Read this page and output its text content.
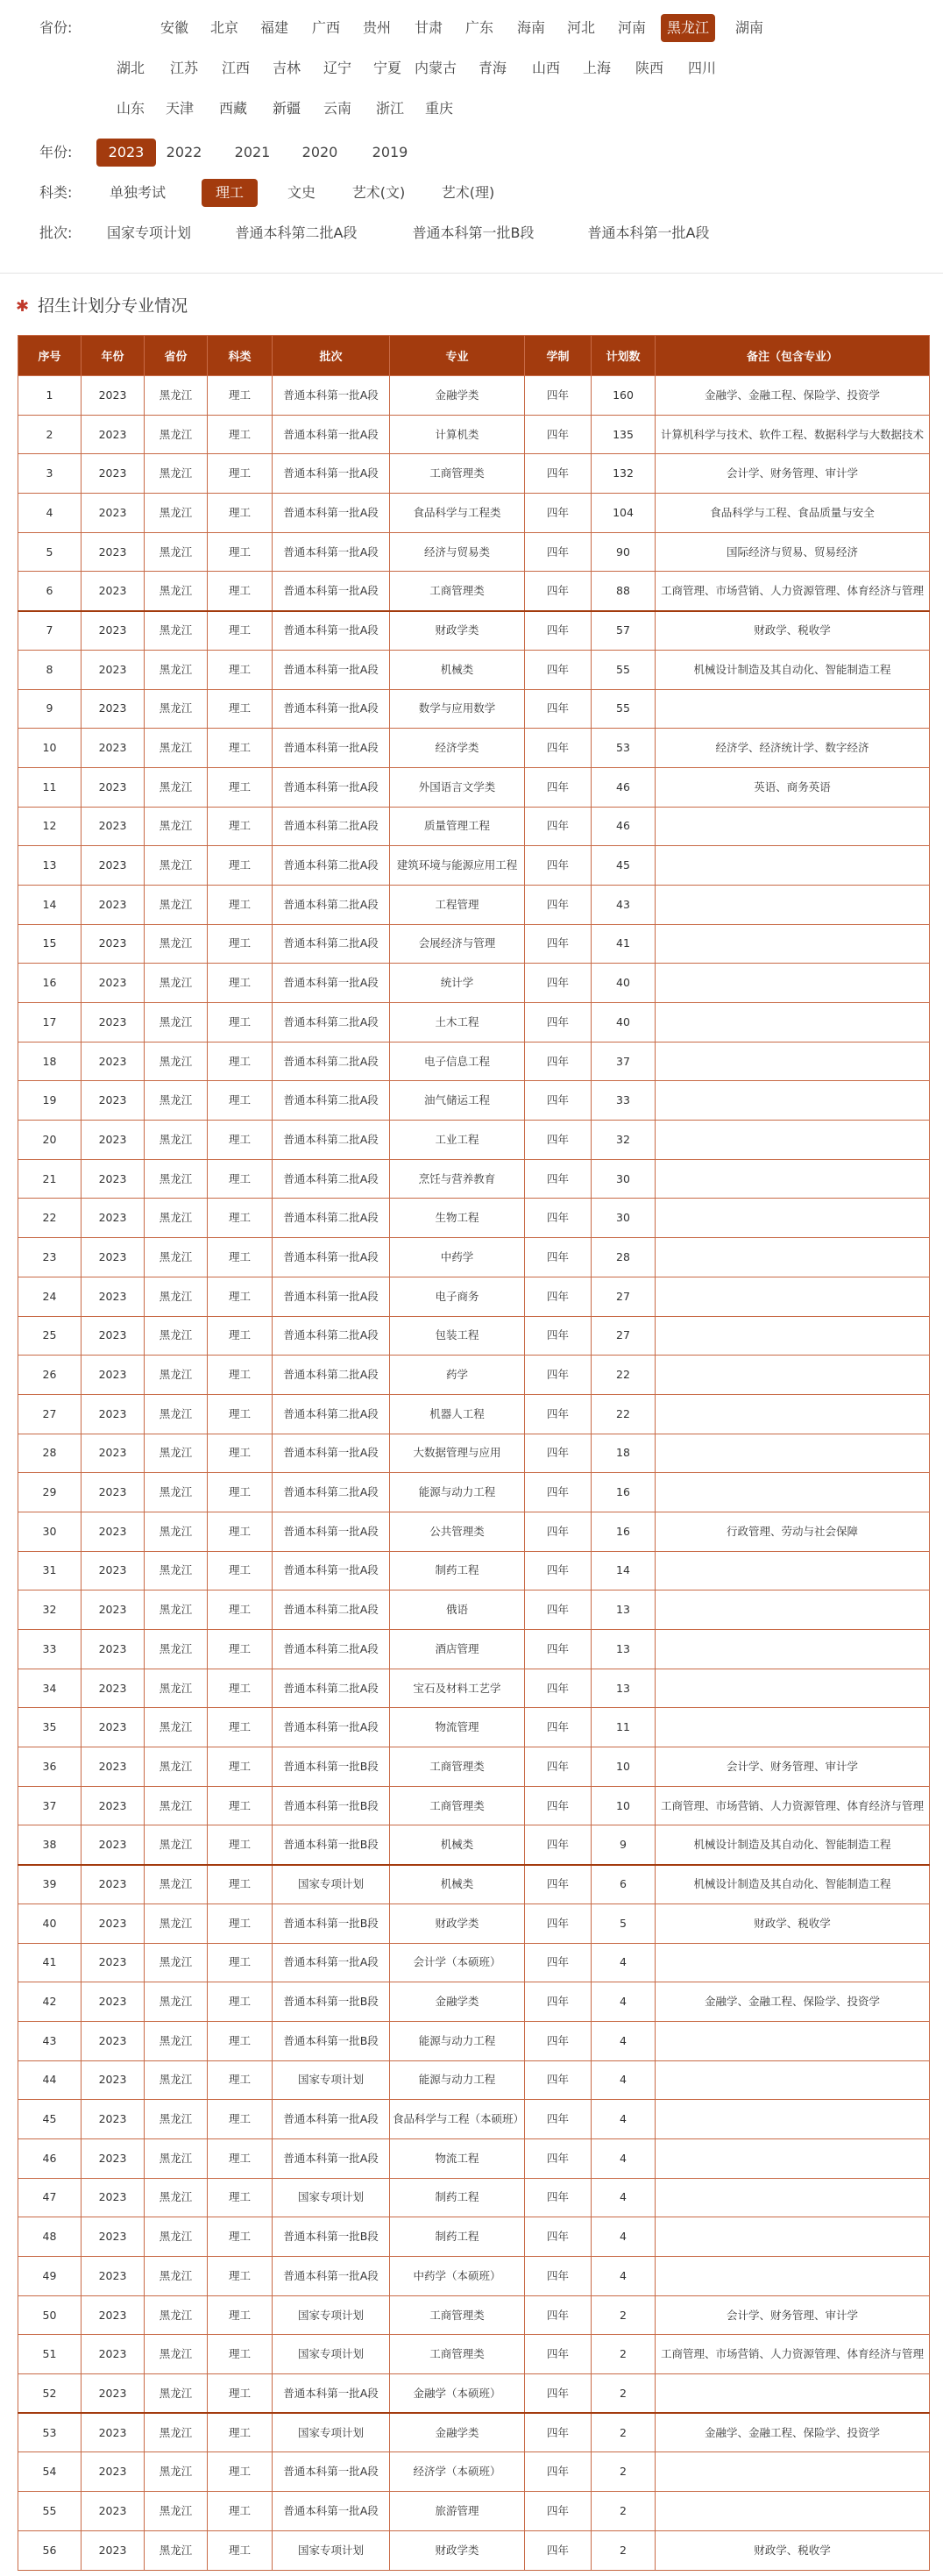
省份:	安徽	北京	福建	广西	贵州	甘肃	广东	海南	河北	河南	黑龙江	湖南
湖北	江苏	江西	吉林	辽宁	宁夏 内蒙古	青海	山西	上海	陕西	四川
山东	天津	西藏	新疆	云南	浙江	重庆
年份:	2023	2022	2021	2020	2019
科类:	单独考试	理工	文史	艺术(文)	艺术(理)
批次:	国家专项计划	普通本科第二批A段	普通本科第一批B段	普通本科第一批A段
✱ 招生计划分专业情况
序号	年份	省份	科类	批次	专业	学制	计划数	备注（包含专业）
1	2023	黑龙江	理工	普通本科第一批A段	金融学类	四年	160	金融学、金融工程、保险学、投资学
2	2023	黑龙江	理工	普通本科第一批A段	计算机类	四年	135	计算机科学与技术、软件工程、数据科学与大数据技术
3	2023	黑龙江	理工	普通本科第一批A段	工商管理类	四年	132	会计学、财务管理、审计学
4	2023	黑龙江	理工	普通本科第一批A段	食品科学与工程类	四年	104	食品科学与工程、食品质量与安全
5	2023	黑龙江	理工	普通本科第一批A段	经济与贸易类	四年	90	国际经济与贸易、贸易经济
6	2023	黑龙江	理工	普通本科第一批A段	工商管理类	四年	88	工商管理、市场营销、人力资源管理、体育经济与管理
7	2023	黑龙江	理工	普通本科第一批A段	财政学类	四年	57	财政学、税收学
8	2023	黑龙江	理工	普通本科第一批A段	机械类	四年	55	机械设计制造及其自动化、智能制造工程
9	2023	黑龙江	理工	普通本科第一批A段	数学与应用数学	四年	55	
10	2023	黑龙江	理工	普通本科第一批A段	经济学类	四年	53	经济学、经济统计学、数字经济
11	2023	黑龙江	理工	普通本科第一批A段	外国语言文学类	四年	46	英语、商务英语
12	2023	黑龙江	理工	普通本科第二批A段	质量管理工程	四年	46	
13	2023	黑龙江	理工	普通本科第二批A段	建筑环境与能源应用工程	四年	45	
14	2023	黑龙江	理工	普通本科第二批A段	工程管理	四年	43	
15	2023	黑龙江	理工	普通本科第二批A段	会展经济与管理	四年	41	
16	2023	黑龙江	理工	普通本科第一批A段	统计学	四年	40	
17	2023	黑龙江	理工	普通本科第二批A段	土木工程	四年	40	
18	2023	黑龙江	理工	普通本科第二批A段	电子信息工程	四年	37	
19	2023	黑龙江	理工	普通本科第二批A段	油气储运工程	四年	33	
20	2023	黑龙江	理工	普通本科第二批A段	工业工程	四年	32	
21	2023	黑龙江	理工	普通本科第二批A段	烹饪与营养教育	四年	30	
22	2023	黑龙江	理工	普通本科第二批A段	生物工程	四年	30	
23	2023	黑龙江	理工	普通本科第一批A段	中药学	四年	28	
24	2023	黑龙江	理工	普通本科第一批A段	电子商务	四年	27	
25	2023	黑龙江	理工	普通本科第二批A段	包装工程	四年	27	
26	2023	黑龙江	理工	普通本科第二批A段	药学	四年	22	
27	2023	黑龙江	理工	普通本科第二批A段	机器人工程	四年	22	
28	2023	黑龙江	理工	普通本科第一批A段	大数据管理与应用	四年	18	
29	2023	黑龙江	理工	普通本科第二批A段	能源与动力工程	四年	16	
30	2023	黑龙江	理工	普通本科第一批A段	公共管理类	四年	16	行政管理、劳动与社会保障
31	2023	黑龙江	理工	普通本科第一批A段	制药工程	四年	14	
32	2023	黑龙江	理工	普通本科第二批A段	俄语	四年	13	
33	2023	黑龙江	理工	普通本科第二批A段	酒店管理	四年	13	
34	2023	黑龙江	理工	普通本科第二批A段	宝石及材料工艺学	四年	13	
35	2023	黑龙江	理工	普通本科第一批A段	物流管理	四年	11	
36	2023	黑龙江	理工	普通本科第一批B段	工商管理类	四年	10	会计学、财务管理、审计学
37	2023	黑龙江	理工	普通本科第一批B段	工商管理类	四年	10	工商管理、市场营销、人力资源管理、体育经济与管理
38	2023	黑龙江	理工	普通本科第一批B段	机械类	四年	9	机械设计制造及其自动化、智能制造工程
39	2023	黑龙江	理工	国家专项计划	机械类	四年	6	机械设计制造及其自动化、智能制造工程
40	2023	黑龙江	理工	普通本科第一批B段	财政学类	四年	5	财政学、税收学
41	2023	黑龙江	理工	普通本科第一批A段	会计学（本硕班）	四年	4	
42	2023	黑龙江	理工	普通本科第一批B段	金融学类	四年	4	金融学、金融工程、保险学、投资学
43	2023	黑龙江	理工	普通本科第一批B段	能源与动力工程	四年	4	
44	2023	黑龙江	理工	国家专项计划	能源与动力工程	四年	4	
45	2023	黑龙江	理工	普通本科第一批A段	食品科学与工程（本硕班）	四年	4	
46	2023	黑龙江	理工	普通本科第一批A段	物流工程	四年	4	
47	2023	黑龙江	理工	国家专项计划	制药工程	四年	4	
48	2023	黑龙江	理工	普通本科第一批B段	制药工程	四年	4	
49	2023	黑龙江	理工	普通本科第一批A段	中药学（本硕班）	四年	4	
50	2023	黑龙江	理工	国家专项计划	工商管理类	四年	2	会计学、财务管理、审计学
51	2023	黑龙江	理工	国家专项计划	工商管理类	四年	2	工商管理、市场营销、人力资源管理、体育经济与管理
52	2023	黑龙江	理工	普通本科第一批A段	金融学（本硕班）	四年	2	
53	2023	黑龙江	理工	国家专项计划	金融学类	四年	2	金融学、金融工程、保险学、投资学
54	2023	黑龙江	理工	普通本科第一批A段	经济学（本硕班）	四年	2	
55	2023	黑龙江	理工	普通本科第一批A段	旅游管理	四年	2	
56	2023	黑龙江	理工	国家专项计划	财政学类	四年	2	财政学、税收学
